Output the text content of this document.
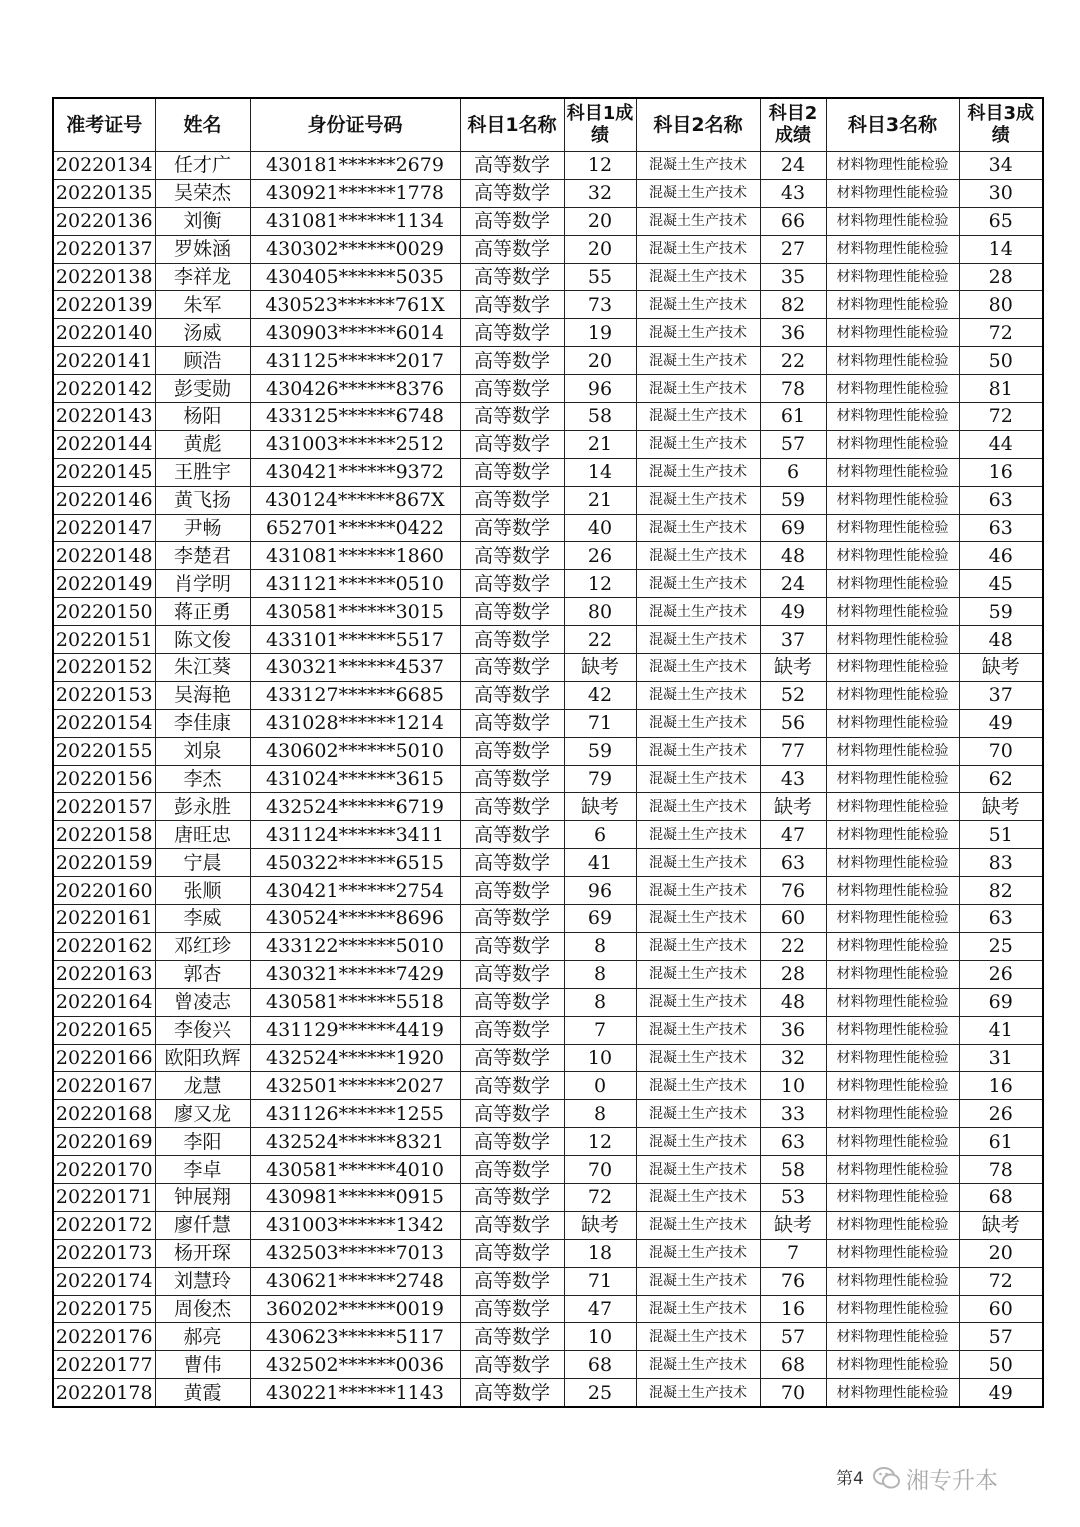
准考证号	姓名	身份证号码	科目1名称	科目1成绩	科目2名称	科目2成绩	科目3名称	科目3成绩
20220134	任才广	430181******2679	高等数学	12	混凝土生产技术	24	材料物理性能检验	34
20220135	吴荣杰	430921******1778	高等数学	32	混凝土生产技术	43	材料物理性能检验	30
20220136	刘衡	431081******1134	高等数学	20	混凝土生产技术	66	材料物理性能检验	65
20220137	罗姝涵	430302******0029	高等数学	20	混凝土生产技术	27	材料物理性能检验	14
20220138	李祥龙	430405******5035	高等数学	55	混凝土生产技术	35	材料物理性能检验	28
20220139	朱军	430523******761X	高等数学	73	混凝土生产技术	82	材料物理性能检验	80
20220140	汤威	430903******6014	高等数学	19	混凝土生产技术	36	材料物理性能检验	72
20220141	顾浩	431125******2017	高等数学	20	混凝土生产技术	22	材料物理性能检验	50
20220142	彭雯勋	430426******8376	高等数学	96	混凝土生产技术	78	材料物理性能检验	81
20220143	杨阳	433125******6748	高等数学	58	混凝土生产技术	61	材料物理性能检验	72
20220144	黄彪	431003******2512	高等数学	21	混凝土生产技术	57	材料物理性能检验	44
20220145	王胜宇	430421******9372	高等数学	14	混凝土生产技术	6	材料物理性能检验	16
20220146	黄飞扬	430124******867X	高等数学	21	混凝土生产技术	59	材料物理性能检验	63
20220147	尹畅	652701******0422	高等数学	40	混凝土生产技术	69	材料物理性能检验	63
20220148	李楚君	431081******1860	高等数学	26	混凝土生产技术	48	材料物理性能检验	46
20220149	肖学明	431121******0510	高等数学	12	混凝土生产技术	24	材料物理性能检验	45
20220150	蒋正勇	430581******3015	高等数学	80	混凝土生产技术	49	材料物理性能检验	59
20220151	陈文俊	433101******5517	高等数学	22	混凝土生产技术	37	材料物理性能检验	48
20220152	朱江葵	430321******4537	高等数学	缺考	混凝土生产技术	缺考	材料物理性能检验	缺考
20220153	吴海艳	433127******6685	高等数学	42	混凝土生产技术	52	材料物理性能检验	37
20220154	李佳康	431028******1214	高等数学	71	混凝土生产技术	56	材料物理性能检验	49
20220155	刘泉	430602******5010	高等数学	59	混凝土生产技术	77	材料物理性能检验	70
20220156	李杰	431024******3615	高等数学	79	混凝土生产技术	43	材料物理性能检验	62
20220157	彭永胜	432524******6719	高等数学	缺考	混凝土生产技术	缺考	材料物理性能检验	缺考
20220158	唐旺忠	431124******3411	高等数学	6	混凝土生产技术	47	材料物理性能检验	51
20220159	宁晨	450322******6515	高等数学	41	混凝土生产技术	63	材料物理性能检验	83
20220160	张顺	430421******2754	高等数学	96	混凝土生产技术	76	材料物理性能检验	82
20220161	李威	430524******8696	高等数学	69	混凝土生产技术	60	材料物理性能检验	63
20220162	邓红珍	433122******5010	高等数学	8	混凝土生产技术	22	材料物理性能检验	25
20220163	郭杏	430321******7429	高等数学	8	混凝土生产技术	28	材料物理性能检验	26
20220164	曾凌志	430581******5518	高等数学	8	混凝土生产技术	48	材料物理性能检验	69
20220165	李俊兴	431129******4419	高等数学	7	混凝土生产技术	36	材料物理性能检验	41
20220166	欧阳玖辉	432524******1920	高等数学	10	混凝土生产技术	32	材料物理性能检验	31
20220167	龙慧	432501******2027	高等数学	0	混凝土生产技术	10	材料物理性能检验	16
20220168	廖又龙	431126******1255	高等数学	8	混凝土生产技术	33	材料物理性能检验	26
20220169	李阳	432524******8321	高等数学	12	混凝土生产技术	63	材料物理性能检验	61
20220170	李卓	430581******4010	高等数学	70	混凝土生产技术	58	材料物理性能检验	78
20220171	钟展翔	430981******0915	高等数学	72	混凝土生产技术	53	材料物理性能检验	68
20220172	廖仟慧	431003******1342	高等数学	缺考	混凝土生产技术	缺考	材料物理性能检验	缺考
20220173	杨开琛	432503******7013	高等数学	18	混凝土生产技术	7	材料物理性能检验	20
20220174	刘慧玲	430621******2748	高等数学	71	混凝土生产技术	76	材料物理性能检验	72
20220175	周俊杰	360202******0019	高等数学	47	混凝土生产技术	16	材料物理性能检验	60
20220176	郝亮	430623******5117	高等数学	10	混凝土生产技术	57	材料物理性能检验	57
20220177	曹伟	432502******0036	高等数学	68	混凝土生产技术	68	材料物理性能检验	50
20220178	黄霞	430221******1143	高等数学	25	混凝土生产技术	70	材料物理性能检验	49
第4 湘专升本
